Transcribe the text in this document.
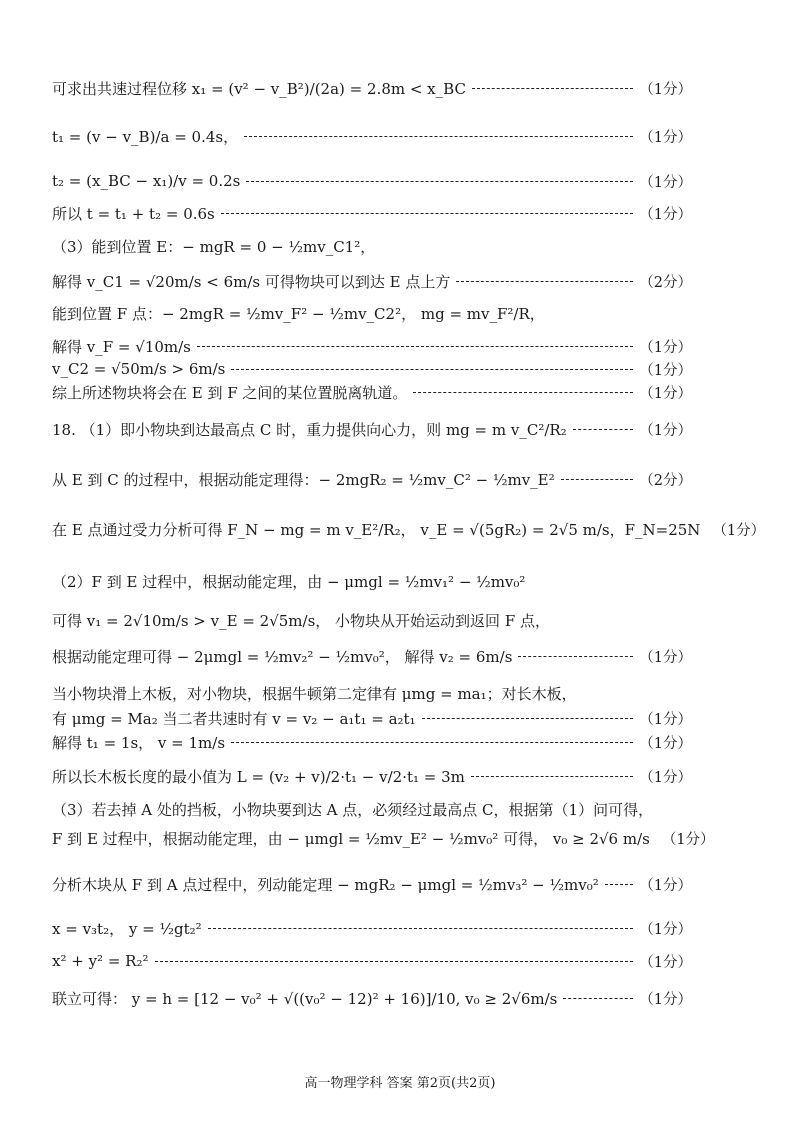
可求出共速过程位移 x₁ = (v² − v_B²)/(2a) = 2.8m < x_BC	（1分）
t₁ = (v − v_B)/a = 0.4s，	（1分）
t₂ = (x_BC − x₁)/v = 0.2s	（1分）
所以 t = t₁ + t₂ = 0.6s	（1分）
（3）能到位置 E：− mgR = 0 − ½mv_C1²，
解得 v_C1 = √20m/s < 6m/s 可得物块可以到达 E 点上方	（2分）
能到位置 F 点：− 2mgR = ½mv_F² − ½mv_C2²， mg = mv_F²/R，
解得 v_F = √10m/s	（1分）
v_C2 = √50m/s > 6m/s	（1分）
综上所述物块将会在 E 到 F 之间的某位置脱离轨道。	（1分）
18. （1）即小物块到达最高点 C 时，重力提供向心力，则 mg = m v_C²/R₂	（1分）
从 E 到 C 的过程中，根据动能定理得：− 2mgR₂ = ½mv_C² − ½mv_E²	（2分）
在 E 点通过受力分析可得 F_N − mg = m v_E²/R₂， v_E = √(5gR₂) = 2√5 m/s，F_N=25N （1分）
（2）F 到 E 过程中，根据动能定理，由 − μmgl = ½mv₁² − ½mv₀²
可得 v₁ = 2√10m/s > v_E = 2√5m/s， 小物块从开始运动到返回 F 点，
根据动能定理可得 − 2μmgl = ½mv₂² − ½mv₀²， 解得 v₂ = 6m/s	（1分）
当小物块滑上木板，对小物块，根据牛顿第二定律有 μmg = ma₁；对长木板，
有 μmg = Ma₂ 当二者共速时有 v = v₂ − a₁t₁ = a₂t₁	（1分）
解得 t₁ = 1s， v = 1m/s	（1分）
所以长木板长度的最小值为 L = (v₂ + v)/2·t₁ − v/2·t₁ = 3m	（1分）
（3）若去掉 A 处的挡板，小物块要到达 A 点，必须经过最高点 C，根据第（1）问可得，
F 到 E 过程中，根据动能定理，由 − μmgl = ½mv_E² − ½mv₀² 可得， v₀ ≥ 2√6 m/s （1分）
分析木块从 F 到 A 点过程中，列动能定理 − mgR₂ − μmgl = ½mv₃² − ½mv₀²	（1分）
x = v₃t₂， y = ½gt₂²	（1分）
x² + y² = R₂²	（1分）
联立可得： y = h = [12 − v₀² + √((v₀² − 12)² + 16)]/10, v₀ ≥ 2√6m/s	（1分）
高一物理学科 答案 第2页(共2页)
